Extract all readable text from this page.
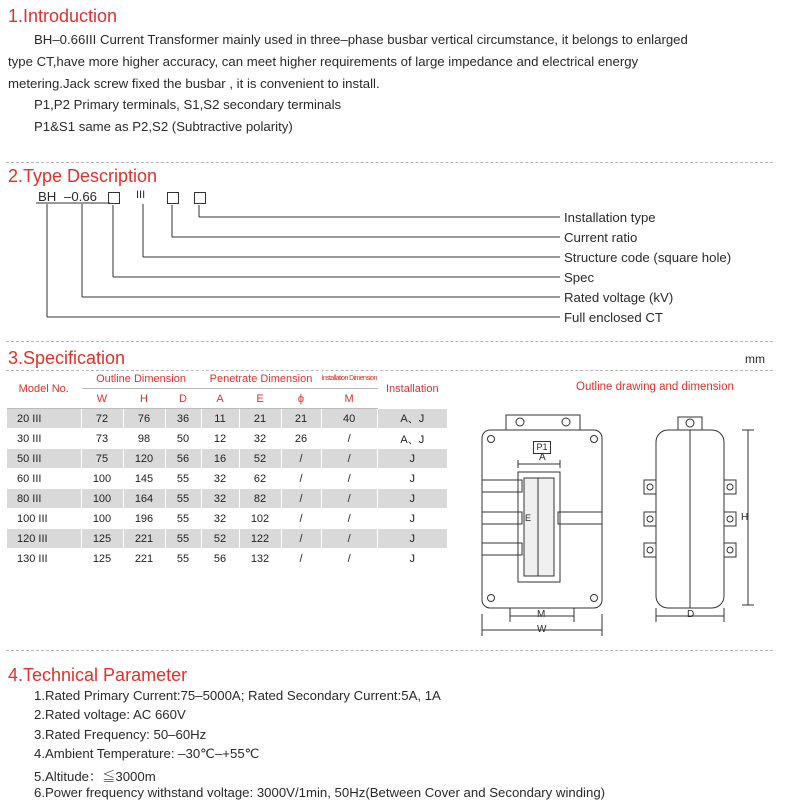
1.Introduction
BH–0.66III Current Transformer mainly used in three–phase busbar vertical circumstance, it belongs to enlarged
type CT,have more higher accuracy, can meet higher requirements of large impedance and electrical energy
metering.Jack screw fixed the busbar , it is convenient to install.
P1,P2 Primary terminals, S1,S2 secondary terminals
P1&S1 same as P2,S2 (Subtractive polarity)
2.Type Description
BH –0.66	III
Installation type
Current ratio
Structure code (square hole)
Spec
Rated voltage (kV)
Full enclosed CT
3.Specification	mm
Model No.	Outline Dimension			Penetrate Dimension			Installation Dimension	Installation
	W	H	D	A	E	ϕ	M	
20 III	72	76	36	11	21	21	40	A、J
30 III	73	98	50	12	32	26	/	A、J
50 III	75	120	56	16	52	/	/	J
60 III	100	145	55	32	62	/	/	J
80 III	100	164	55	32	82	/	/	J
100 III	100	196	55	32	102	/	/	J
120 III	125	221	55	52	122	/	/	J
130 III	125	221	55	56	132	/	/	J
Outline drawing and dimension
P1
A
E
M
W
H
D
4.Technical Parameter
1.Rated Primary Current:75–5000A; Rated Secondary Current:5A, 1A
2.Rated voltage: AC 660V
3.Rated Frequency: 50–60Hz
4.Ambient Temperature: –30℃–+55℃
5.Altitude：≦3000m
6.Power frequency withstand voltage: 3000V/1min, 50Hz(Between Cover and Secondary winding)
